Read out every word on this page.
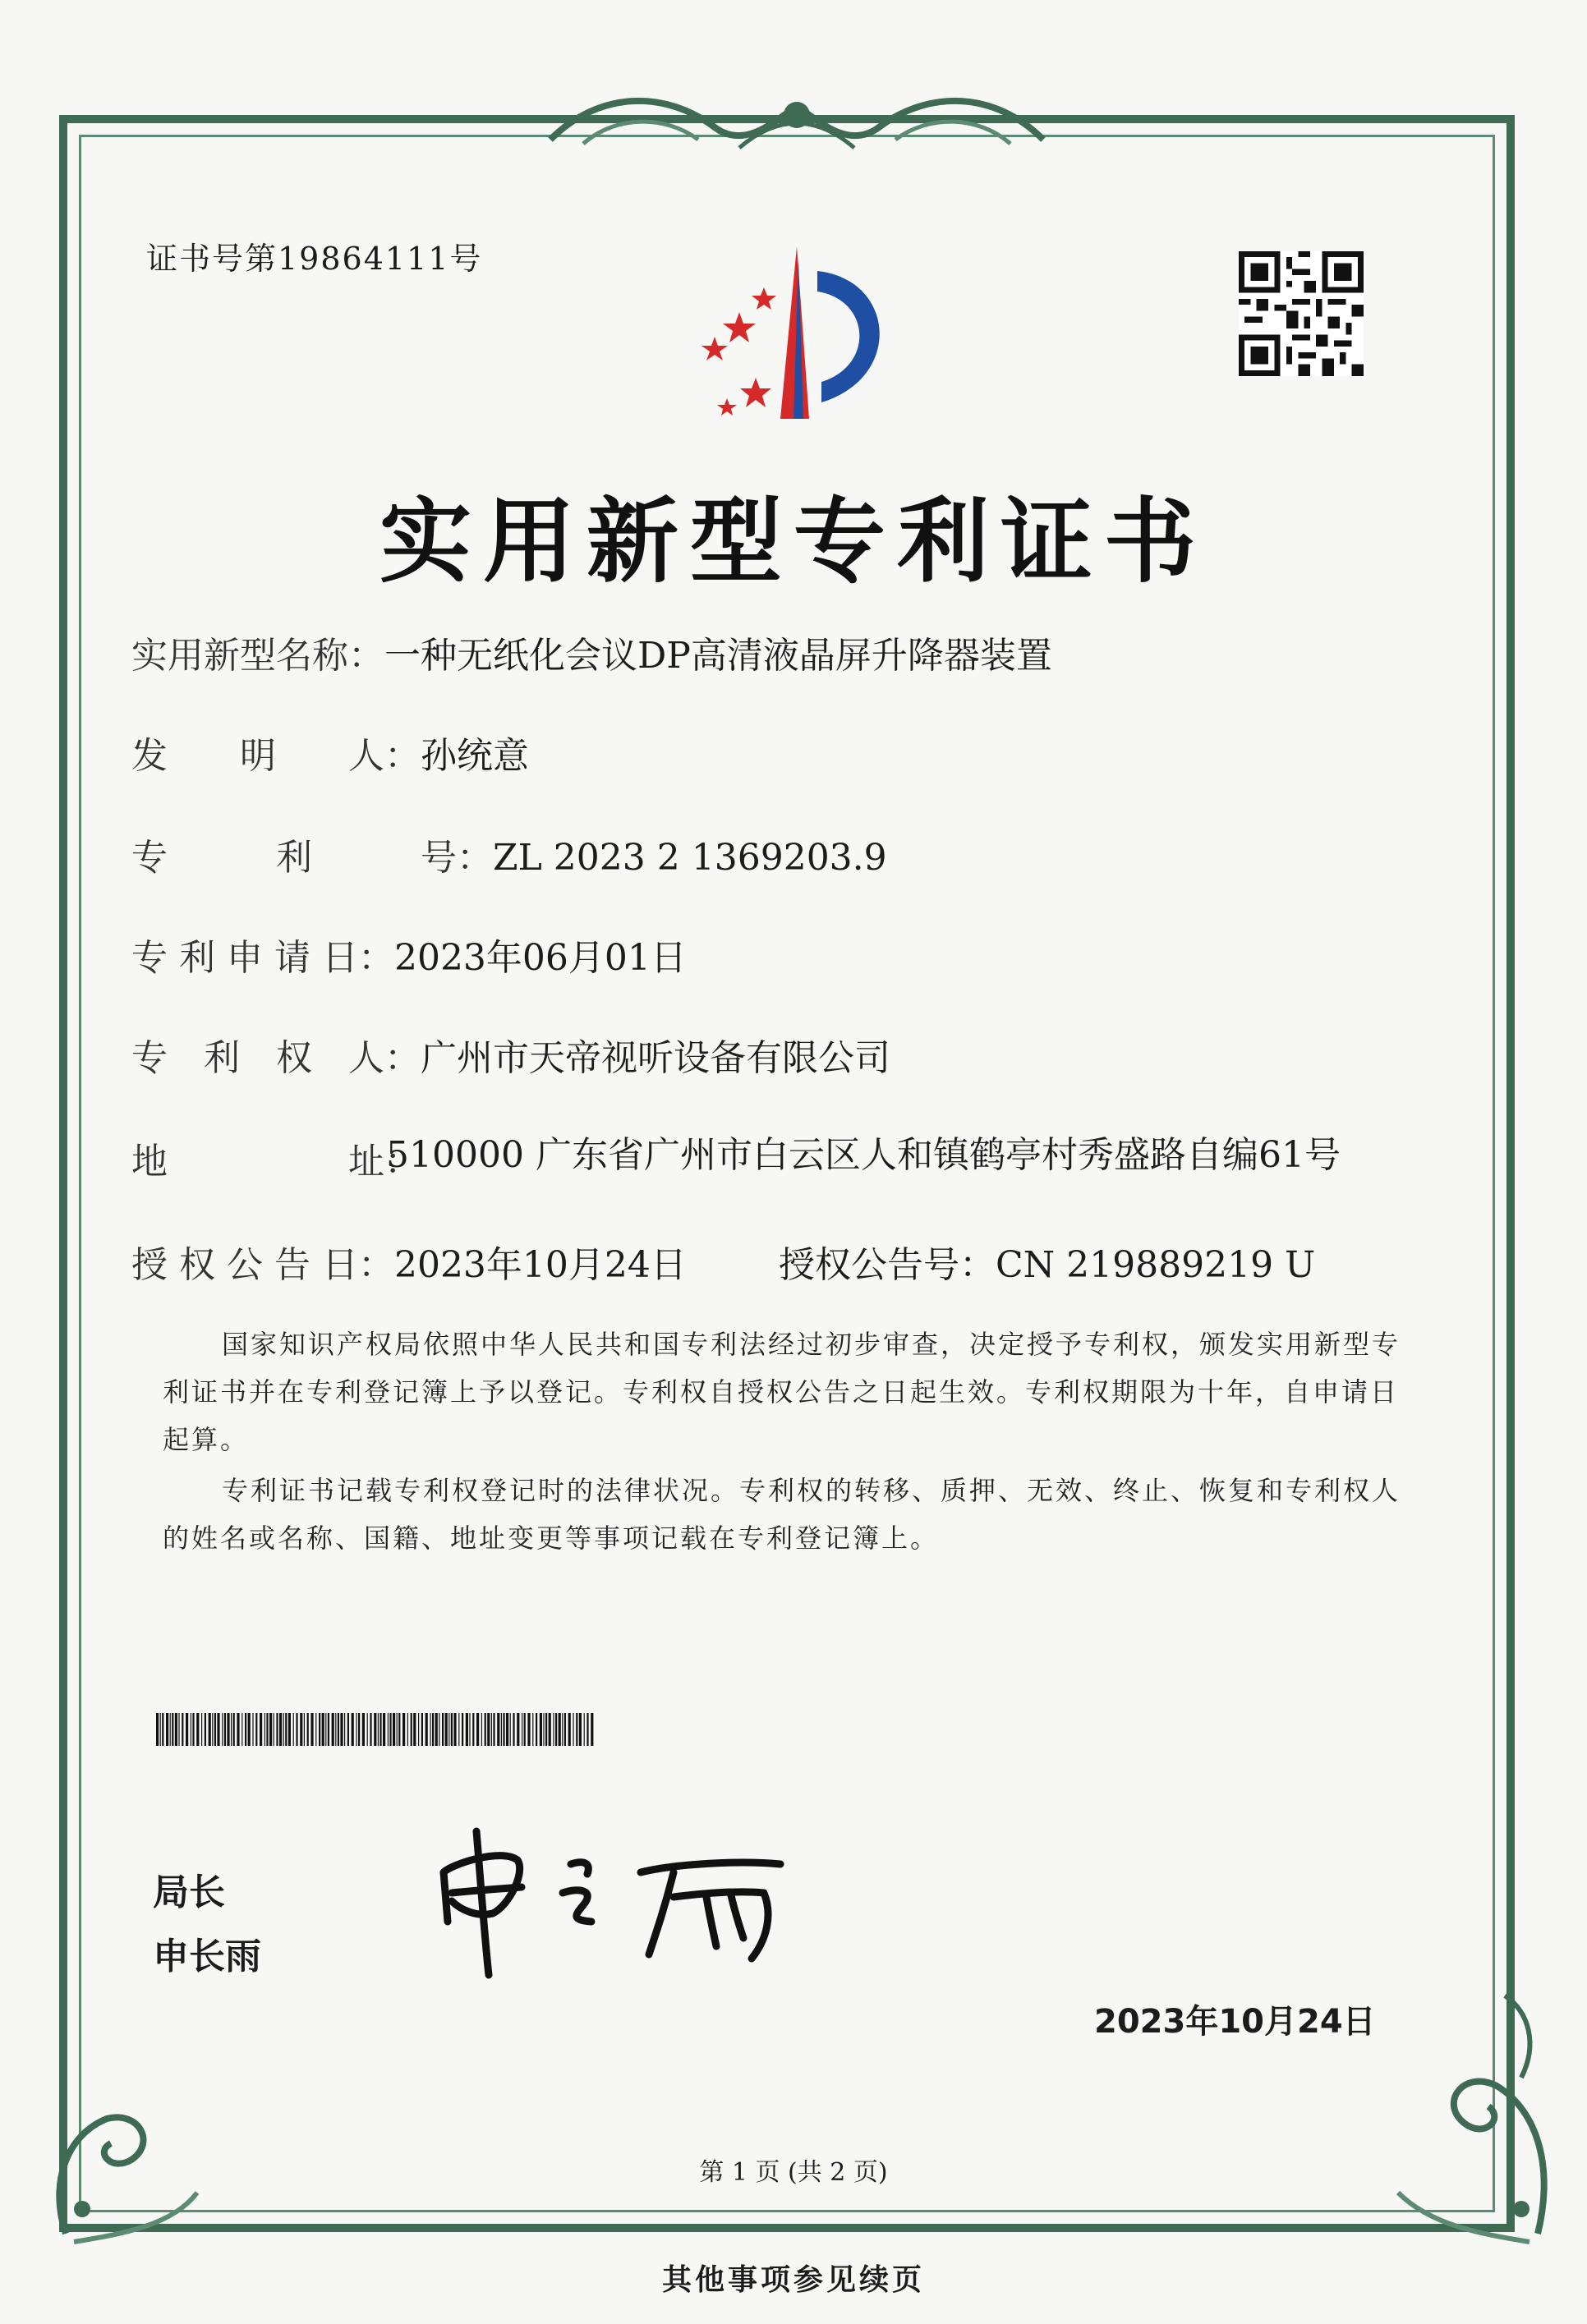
证书号第19864111号
实用新型专利证书
实用新型名称：一种无纸化会议DP高清液晶屏升降器装置
发　　明　　人：孙统意
专　　　利　　　号：ZL 2023 2 1369203.9
专 利 申 请 日：2023年06月01日
专　利　权　人：广州市天帝视听设备有限公司
地　　　　　址：
510000 广东省广州市白云区人和镇鹤亭村秀盛路自编61号
授 权 公 告 日：2023年10月24日	授权公告号：CN 219889219 U
国家知识产权局依照中华人民共和国专利法经过初步审查，决定授予专利权，颁发实用新型专利证书并在专利登记簿上予以登记。专利权自授权公告之日起生效。专利权期限为十年，自申请日起算。
专利证书记载专利权登记时的法律状况。专利权的转移、质押、无效、终止、恢复和专利权人的姓名或名称、国籍、地址变更等事项记载在专利登记簿上。
局长
申长雨
2023年10月24日
第 1 页 (共 2 页)
其他事项参见续页
